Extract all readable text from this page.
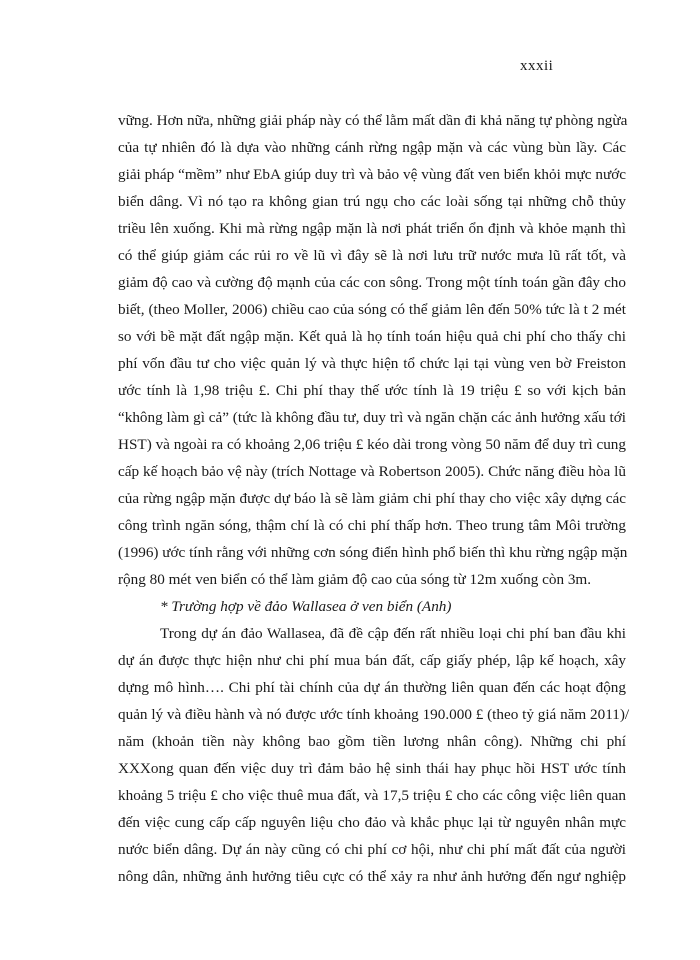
xxxii
vững. Hơn nữa, những giải pháp này có thể lằm mất dần đi khả năng tự phòng ngừa
của tự nhiên đó là dựa vào những cánh rừng ngập mặn và các vùng bùn lầy. Các
giải pháp “mềm” như EbA giúp duy trì và bảo vệ vùng đất ven biển khỏi mực nước
biển dâng. Vì nó tạo ra không gian trú ngụ cho các loài sống tại những chỗ thủy
triều lên xuống. Khi mà rừng ngập mặn là nơi phát triển ổn định và khỏe mạnh thì
có thể giúp giảm các rủi ro về lũ vì đây sẽ là nơi lưu trữ nước mưa lũ rất tốt, và
giảm độ cao và cường độ mạnh của các con sông. Trong một tính toán gần đây cho
biết, (theo Moller, 2006) chiều cao của sóng có thể giảm lên đến 50% tức là t 2 mét
so với bề mặt đất ngập mặn. Kết quả là họ tính toán hiệu quả chi phí cho thấy chi
phí vốn đầu tư cho việc quản lý và thực hiện tổ chức lại tại vùng ven bờ Freiston
ước tính là 1,98 triệu £. Chi phí thay thế ước tính là 19 triệu £ so với kịch bản
“không làm gì cả” (tức là không đầu tư, duy trì và ngăn chặn các ảnh hưởng xấu tới
HST) và ngoài ra có khoảng 2,06 triệu £ kéo dài trong vòng 50 năm để duy trì cung
cấp kế hoạch bảo vệ này (trích Nottage và Robertson 2005). Chức năng điều hòa lũ
của rừng ngập mặn được dự báo là sẽ làm giảm chi phí thay cho việc xây dựng các
công trình ngăn sóng, thậm chí là có chi phí thấp hơn. Theo trung tâm Môi trường
(1996) ước tính rằng với những cơn sóng điển hình phổ biến thì khu rừng ngập mặn
rộng 80 mét ven biển có thể làm giảm độ cao của sóng từ 12m xuống còn 3m.
* Trường hợp về đảo Wallasea ở ven biển (Anh)
Trong dự án đảo Wallasea, đã đề cập đến rất nhiều loại chi phí ban đầu khi
dự án được thực hiện như chi phí mua bán đất, cấp giấy phép, lập kế hoạch, xây
dựng mô hình…. Chi phí tài chính của dự án thường liên quan đến các hoạt động
quản lý và điều hành và nó được ước tính khoảng 190.000 £ (theo tỷ giá năm 2011)/
năm (khoản tiền này không bao gồm tiền lương nhân công). Những chi phí
XXXong quan đến việc duy trì đảm bảo hệ sinh thái hay phục hồi HST ước tính
khoảng 5 triệu £ cho việc thuê mua đất, và 17,5 triệu £ cho các công việc liên quan
đến việc cung cấp cấp nguyên liệu cho đảo và khắc phục lại từ nguyên nhân mực
nước biển dâng. Dự án này cũng có chi phí cơ hội, như chi phí mất đất của người
nông dân, những ảnh hưởng tiêu cực có thể xảy ra như ảnh hưởng đến ngư nghiệp
